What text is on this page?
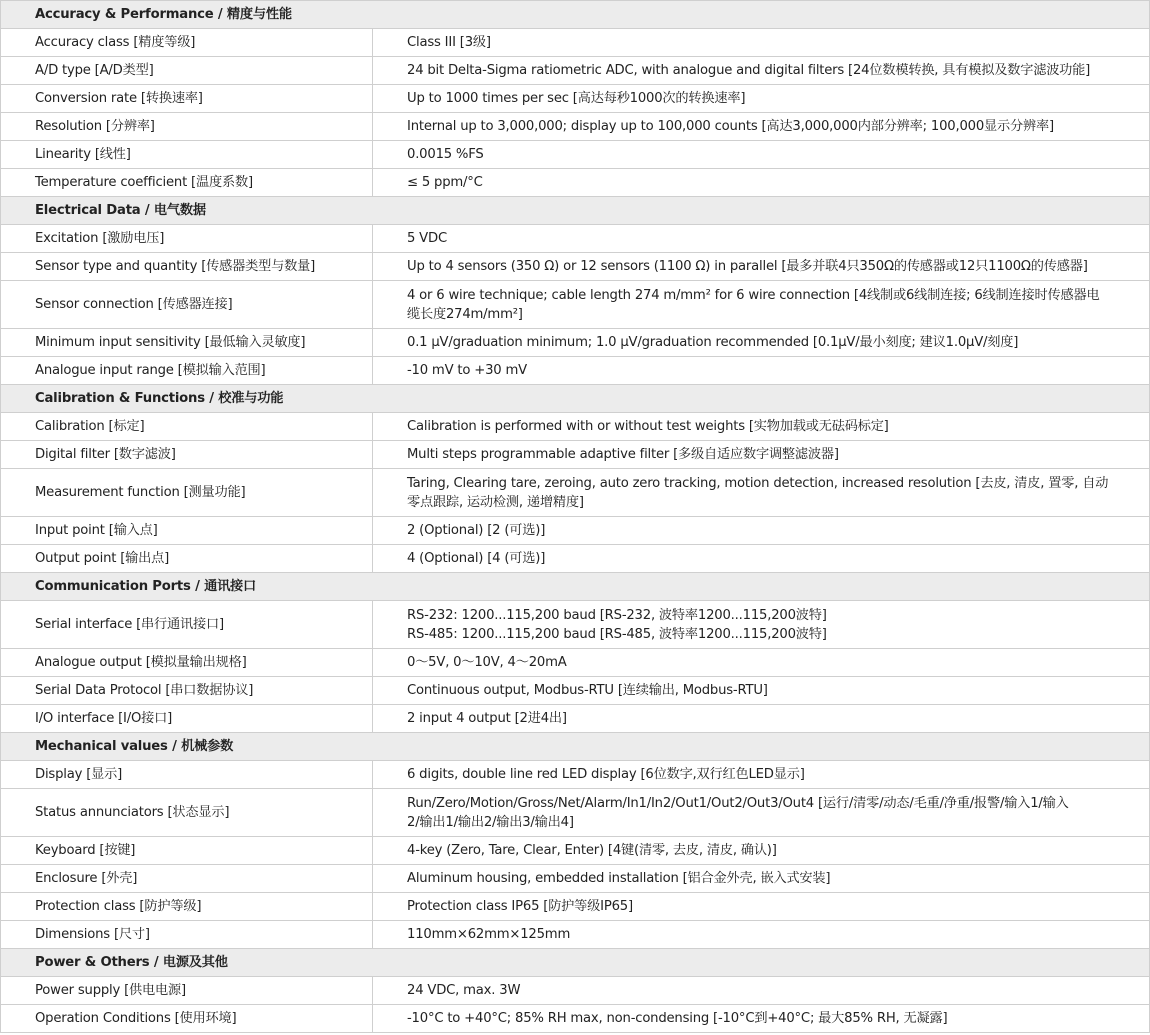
Accuracy & Performance / 精度与性能	
Accuracy class [精度等级]	Class III [3级]

A/D type [A/D类型]	24 bit Delta-Sigma ratiometric ADC, with analogue and digital filters [24位数模转换, 具有模拟及数字滤波功能]

Conversion rate [转换速率]	Up to 1000 times per sec [高达每秒1000次的转换速率]

Resolution [分辨率]	Internal up to 3,000,000; display up to 100,000 counts [高达3,000,000内部分辨率; 100,000显示分辨率]

Linearity [线性]	0.0015 %FS

Temperature coefficient [温度系数]	≤ 5 ppm/°C

Electrical Data / 电气数据	
Excitation [激励电压]	5 VDC

Sensor type and quantity [传感器类型与数量]	Up to 4 sensors (350 Ω) or 12 sensors (1100 Ω) in parallel [最多并联4只350Ω的传感器或12只1100Ω的传感器]

Sensor connection [传感器连接]	4 or 6 wire technique; cable length 274 m/mm² for 6 wire connection [4线制或6线制连接; 6线制连接时传感器电
缆长度274m/mm²]

Minimum input sensitivity [最低输入灵敏度]	0.1 μV/graduation minimum; 1.0 μV/graduation recommended [0.1μV/最小刻度; 建议1.0μV/刻度]

Analogue input range [模拟输入范围]	-10 mV to +30 mV

Calibration & Functions / 校准与功能	
Calibration [标定]	Calibration is performed with or without test weights [实物加载或无砝码标定]

Digital filter [数字滤波]	Multi steps programmable adaptive filter [多级自适应数字调整滤波器]

Measurement function [测量功能]	Taring, Clearing tare, zeroing, auto zero tracking, motion detection, increased resolution [去皮, 清皮, 置零, 自动
零点跟踪, 运动检测, 递增精度]

Input point [输入点]	2 (Optional) [2 (可选)]

Output point [输出点]	4 (Optional) [4 (可选)]

Communication Ports / 通讯接口	
Serial interface [串行通讯接口]	RS-232: 1200...115,200 baud [RS-232, 波特率1200...115,200波特]
RS-485: 1200...115,200 baud [RS-485, 波特率1200...115,200波特]

Analogue output [模拟量输出规格]	0～5V, 0～10V, 4～20mA

Serial Data Protocol [串口数据协议]	Continuous output, Modbus-RTU [连续输出, Modbus-RTU]

I/O interface [I/O接口]	2 input 4 output [2进4出]

Mechanical values / 机械参数	
Display [显示]	6 digits, double line red LED display [6位数字,双行红色LED显示]

Status annunciators [状态显示]	Run/Zero/Motion/Gross/Net/Alarm/In1/In2/Out1/Out2/Out3/Out4 [运行/清零/动态/毛重/净重/报警/输入1/输入
2/输出1/输出2/输出3/输出4]

Keyboard [按键]	4-key (Zero, Tare, Clear, Enter) [4键(清零, 去皮, 清皮, 确认)]

Enclosure [外壳]	Aluminum housing, embedded installation [铝合金外壳, 嵌入式安装]

Protection class [防护等级]	Protection class IP65 [防护等级IP65]

Dimensions [尺寸]	110mm×62mm×125mm

Power & Others / 电源及其他	
Power supply [供电电源]	24 VDC, max. 3W

Operation Conditions [使用环境]	-10°C to +40°C; 85% RH max, non-condensing [-10°C到+40°C; 最大85% RH, 无凝露]
